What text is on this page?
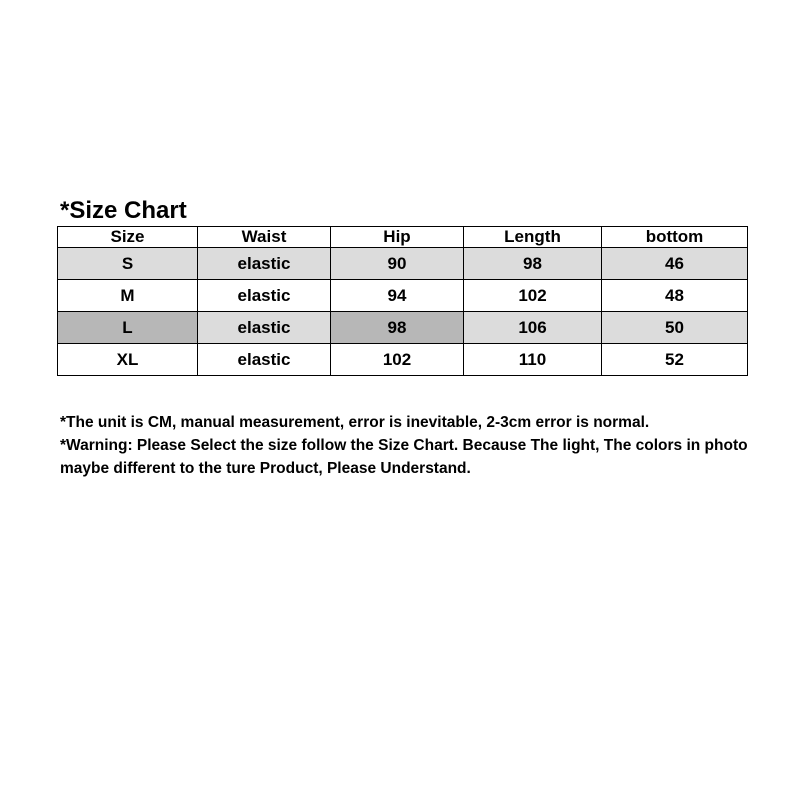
*Size Chart
Size	Waist	Hip	Length	bottom
S	elastic	90	98	46
M	elastic	94	102	48
L	elastic	98	106	50
XL	elastic	102	110	52

*The unit is CM, manual measurement, error is inevitable, 2-3cm error is normal.

*Warning: Please Select the size follow the Size Chart. Because The light, The colors in photo maybe different to the ture Product, Please Understand.
